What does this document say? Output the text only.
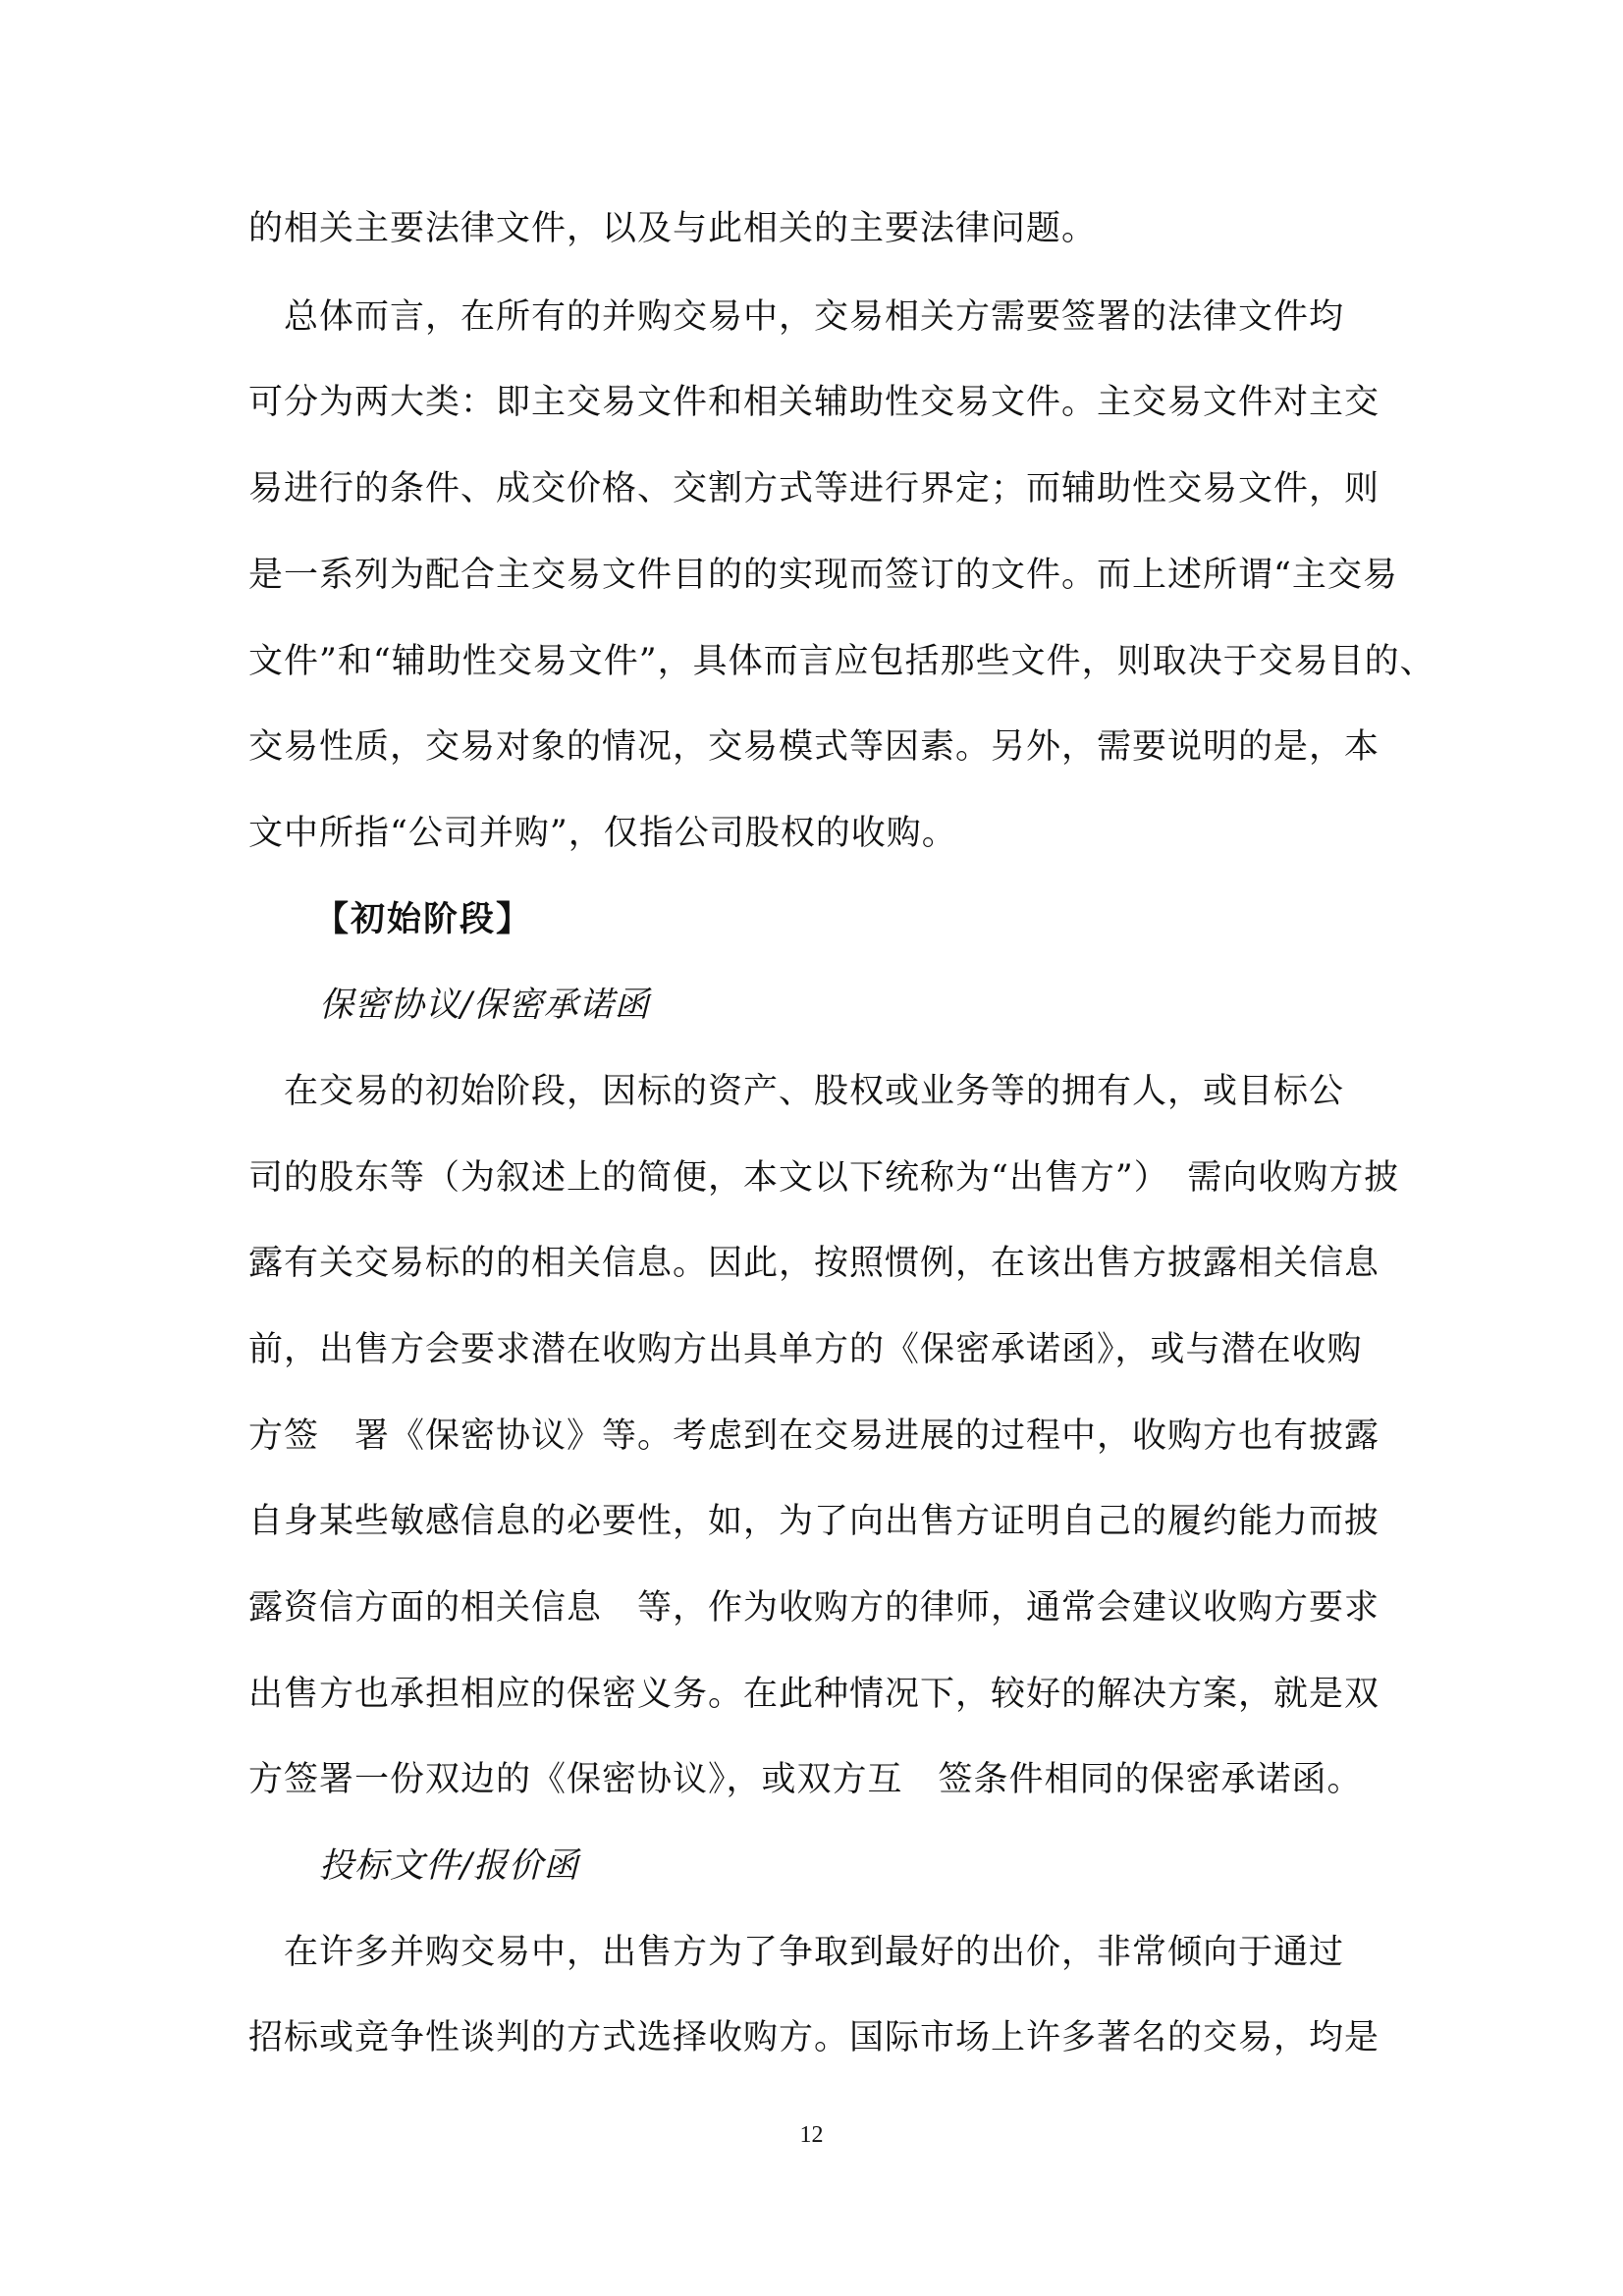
的相关主要法律文件，以及与此相关的主要法律问题。
　总体而言，在所有的并购交易中，交易相关方需要签署的法律文件均
可分为两大类：即主交易文件和相关辅助性交易文件。主交易文件对主交
易进行的条件、成交价格、交割方式等进行界定；而辅助性交易文件，则
是一系列为配合主交易文件目的的实现而签订的文件。而上述所谓“主交易
文件”和“辅助性交易文件”，具体而言应包括那些文件，则取决于交易目的、
交易性质，交易对象的情况，交易模式等因素。另外，需要说明的是，本
文中所指“公司并购”，仅指公司股权的收购。
【初始阶段】
保密协议/保密承诺函
　在交易的初始阶段，因标的资产、股权或业务等的拥有人，或目标公
司的股东等（为叙述上的简便，本文以下统称为“出售方”）　需向收购方披
露有关交易标的的相关信息。因此，按照惯例，在该出售方披露相关信息
前，出售方会要求潜在收购方出具单方的《保密承诺函》，或与潜在收购
方签　署《保密协议》等。考虑到在交易进展的过程中，收购方也有披露
自身某些敏感信息的必要性，如，为了向出售方证明自己的履约能力而披
露资信方面的相关信息　等，作为收购方的律师，通常会建议收购方要求
出售方也承担相应的保密义务。在此种情况下，较好的解决方案，就是双
方签署一份双边的《保密协议》，或双方互　签条件相同的保密承诺函。
投标文件/报价函
　在许多并购交易中，出售方为了争取到最好的出价，非常倾向于通过
招标或竞争性谈判的方式选择收购方。国际市场上许多著名的交易，均是
12
